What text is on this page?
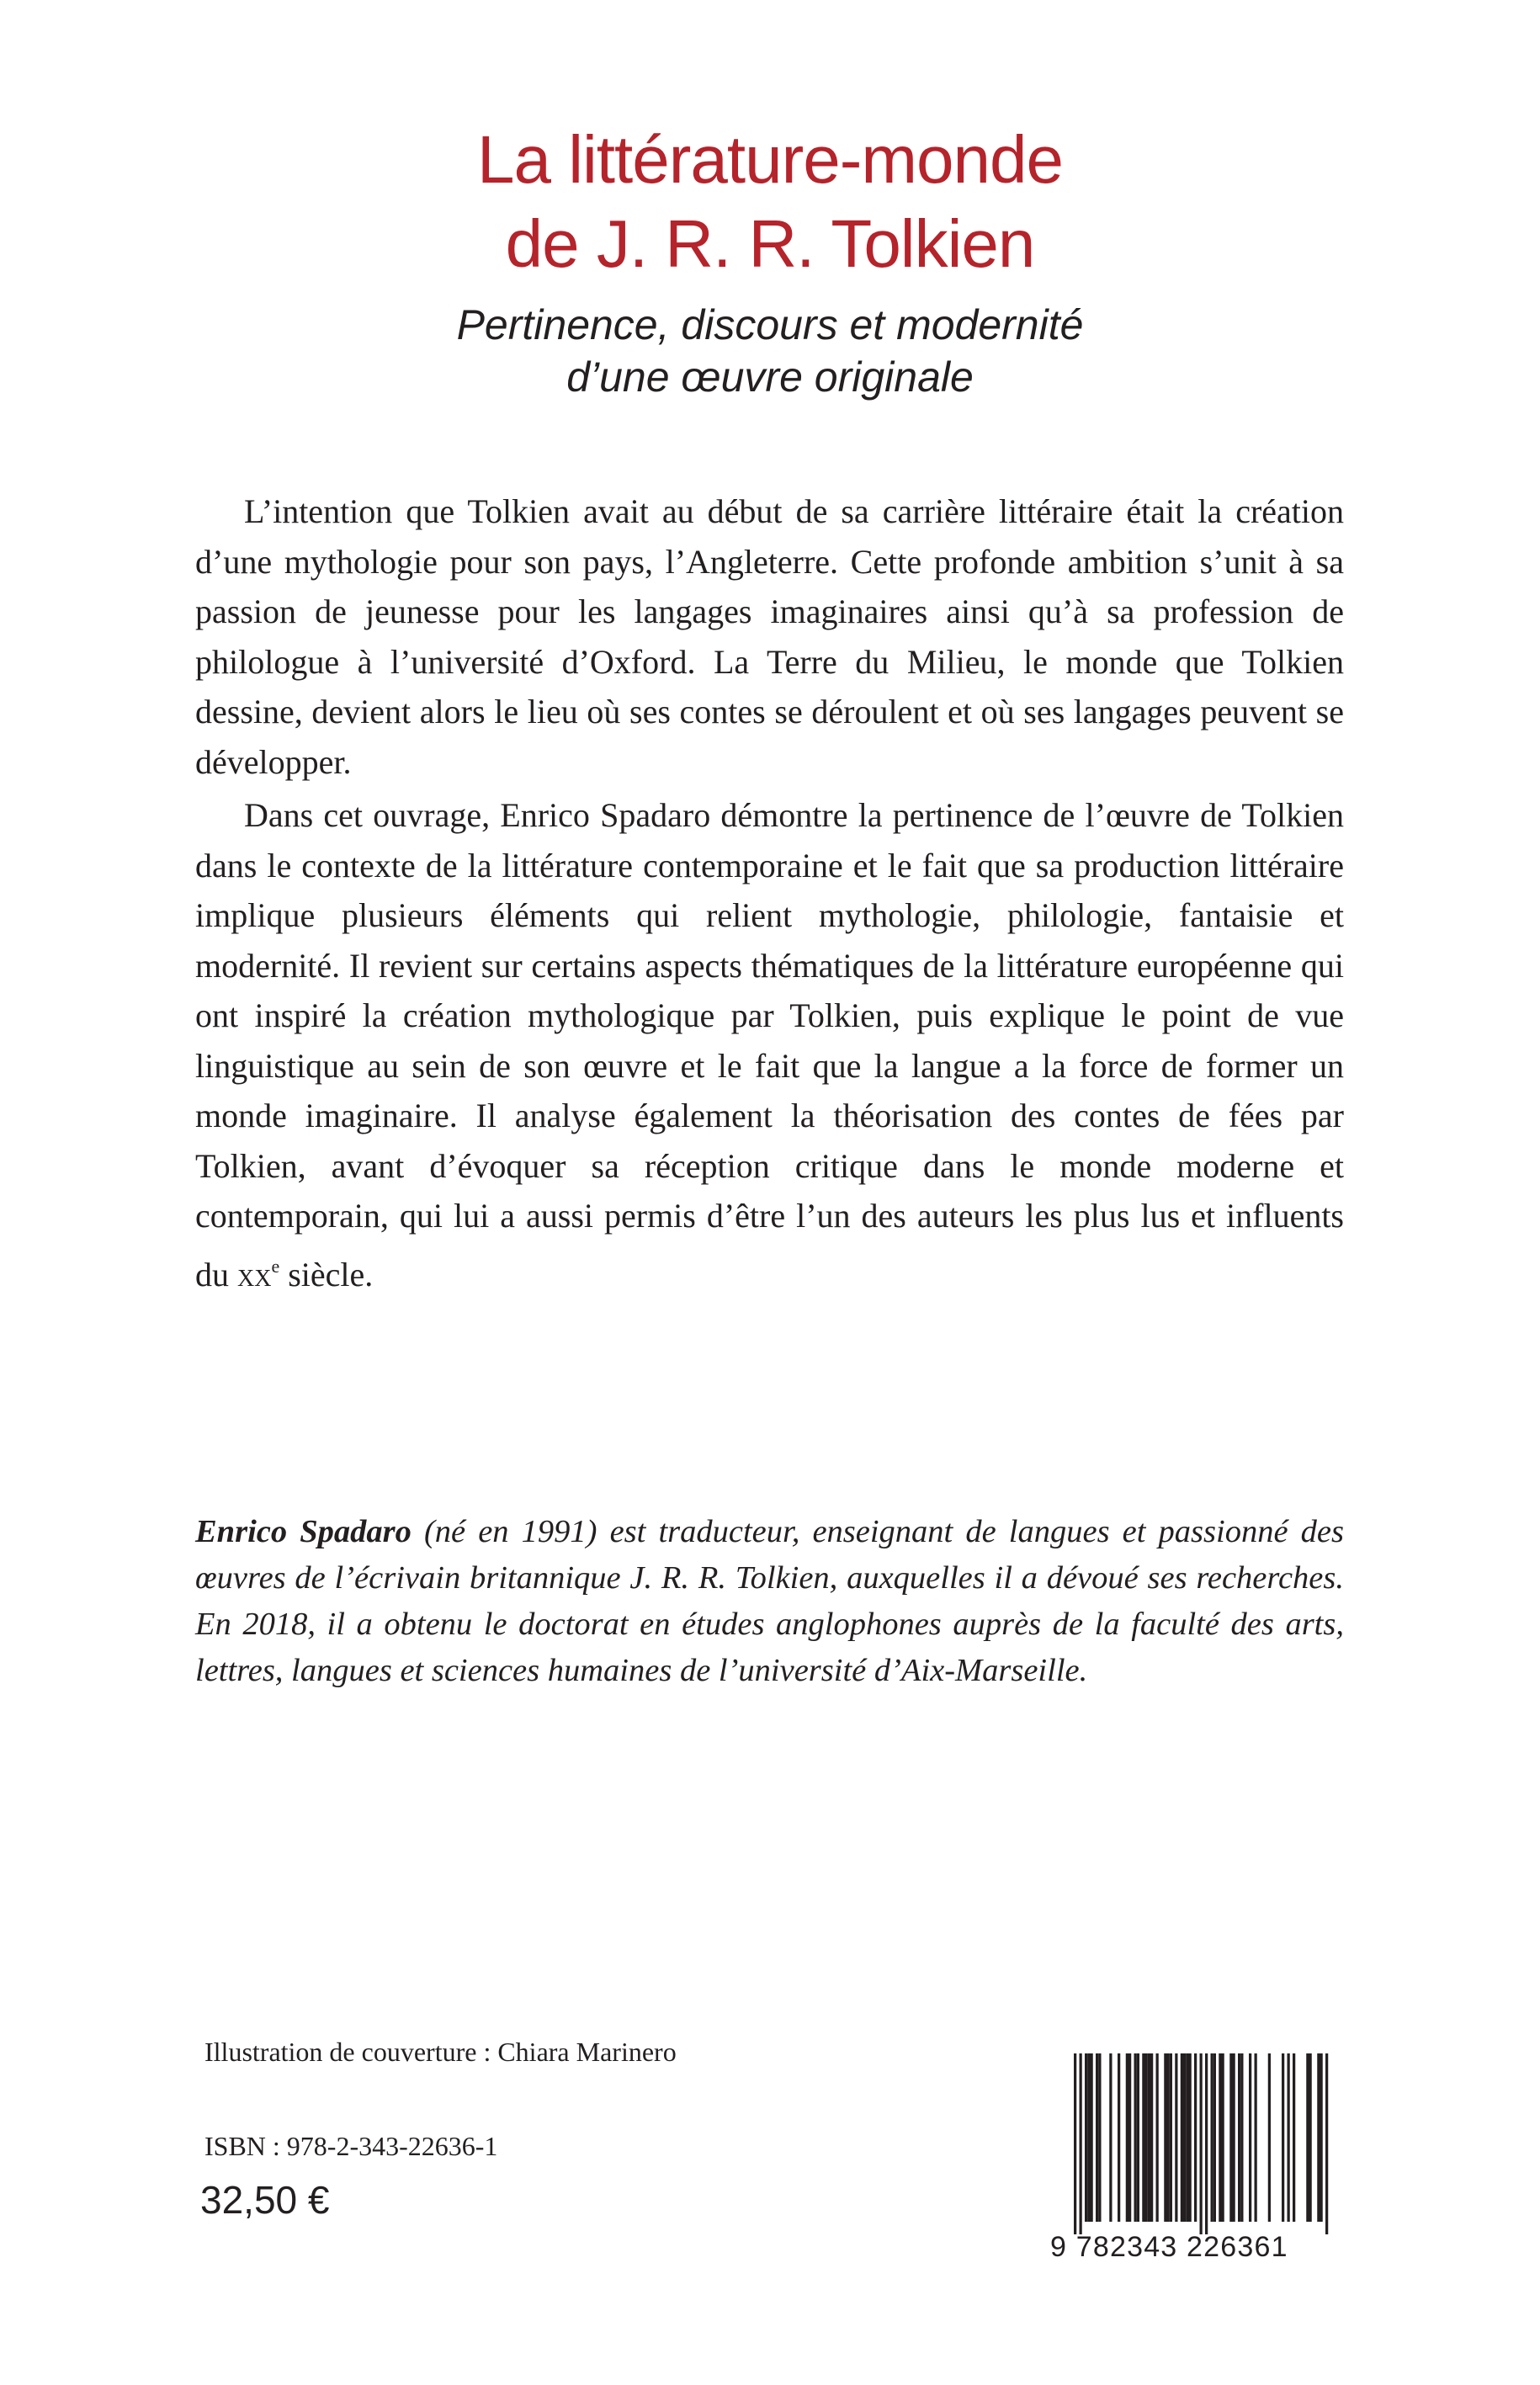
La littérature-monde
de J. R. R. Tolkien
Pertinence, discours et modernité
d’une œuvre originale

L’intention que Tolkien avait au début de sa carrière littéraire était la création d’une mythologie pour son pays, l’Angleterre. Cette profonde ambition s’unit à sa passion de jeunesse pour les langages imaginaires ainsi qu’à sa profession de philologue à l’université d’Oxford. La Terre du Milieu, le monde que Tolkien dessine, devient alors le lieu où ses contes se déroulent et où ses langages peuvent se développer.

Dans cet ouvrage, Enrico Spadaro démontre la pertinence de l’œuvre de Tolkien dans le contexte de la littérature contemporaine et le fait que sa production littéraire implique plusieurs éléments qui relient mythologie, philologie, fantaisie et modernité. Il revient sur certains aspects thématiques de la littérature européenne qui ont inspiré la création mythologique par Tolkien, puis explique le point de vue linguistique au sein de son œuvre et le fait que la langue a la force de former un monde imaginaire. Il analyse également la théorisation des contes de fées par Tolkien, avant d’évoquer sa réception critique dans le monde moderne et contemporain, qui lui a aussi permis d’être l’un des auteurs les plus lus et influents du $xx^e$ siècle.

Enrico Spadaro (né en 1991) est traducteur, enseignant de langues et passionné des œuvres de l’écrivain britannique J. R. R. Tolkien, auxquelles il a dévoué ses recherches. En 2018, il a obtenu le doctorat en études anglophones auprès de la faculté des arts, lettres, langues et sciences humaines de l’université d’Aix-Marseille.
Illustration de couverture : Chiara Marinero
ISBN : 978-2-343-22636-1
32,50 €
9 782343 226361
